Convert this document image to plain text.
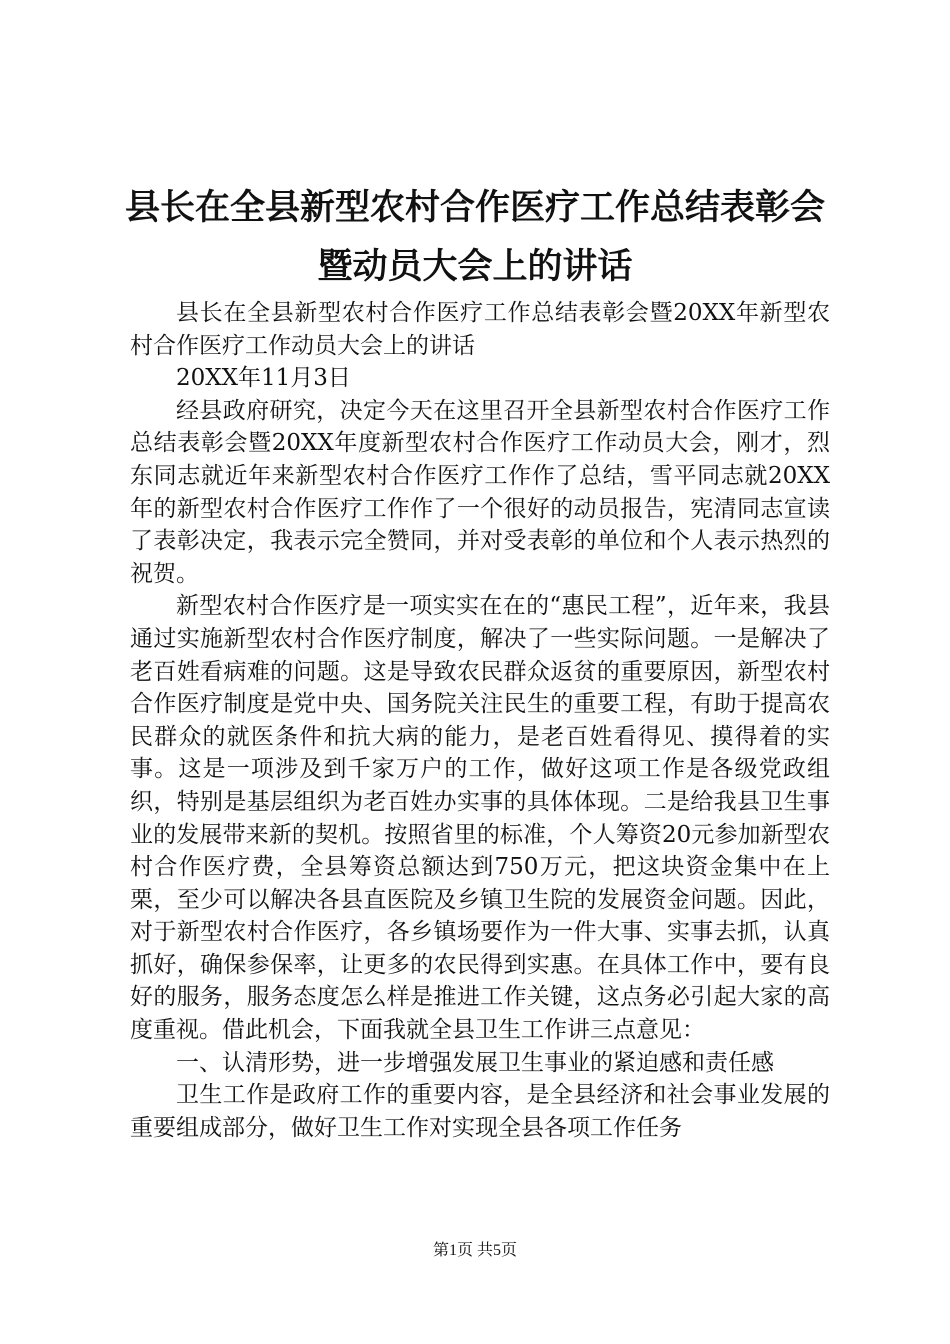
县长在全县新型农村合作医疗工作总结表彰会
暨动员大会上的讲话

县长在全县新型农村合作医疗工作总结表彰会暨20XX年新型农村合作医疗工作动员大会上的讲话

20XX年11月3日

经县政府研究，决定今天在这里召开全县新型农村合作医疗工作总结表彰会暨20XX年度新型农村合作医疗工作动员大会，刚才，烈东同志就近年来新型农村合作医疗工作作了总结，雪平同志就20XX年的新型农村合作医疗工作作了一个很好的动员报告，宪清同志宣读了表彰决定，我表示完全赞同，并对受表彰的单位和个人表示热烈的祝贺。

新型农村合作医疗是一项实实在在的“惠民工程”，近年来，我县通过实施新型农村合作医疗制度，解决了一些实际问题。一是解决了老百姓看病难的问题。这是导致农民群众返贫的重要原因，新型农村合作医疗制度是党中央、国务院关注民生的重要工程，有助于提高农民群众的就医条件和抗大病的能力，是老百姓看得见、摸得着的实事。这是一项涉及到千家万户的工作，做好这项工作是各级党政组织，特别是基层组织为老百姓办实事的具体体现。二是给我县卫生事业的发展带来新的契机。按照省里的标准，个人筹资20元参加新型农村合作医疗费，全县筹资总额达到750万元，把这块资金集中在上栗，至少可以解决各县直医院及乡镇卫生院的发展资金问题。因此，对于新型农村合作医疗，各乡镇场要作为一件大事、实事去抓，认真抓好，确保参保率，让更多的农民得到实惠。在具体工作中，要有良好的服务，服务态度怎么样是推进工作关键，这点务必引起大家的高度重视。借此机会，下面我就全县卫生工作讲三点意见：

一、认清形势，进一步增强发展卫生事业的紧迫感和责任感

卫生工作是政府工作的重要内容，是全县经济和社会事业发展的重要组成部分，做好卫生工作对实现全县各项工作任务

第1页 共5页
